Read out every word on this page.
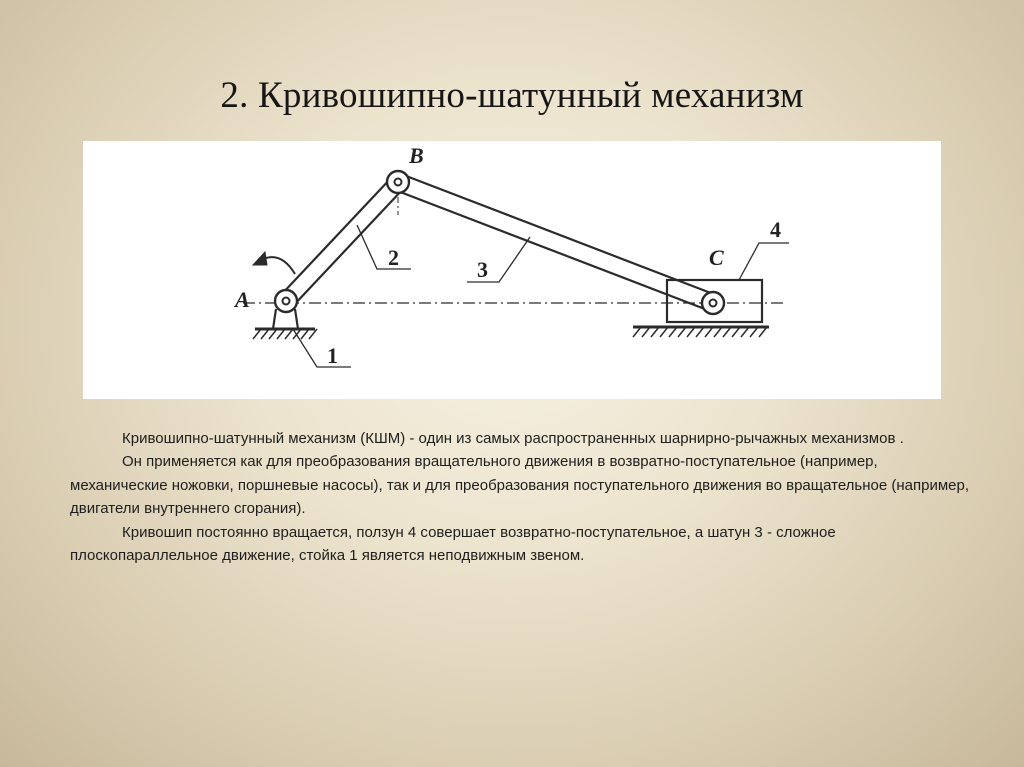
2. Кривошипно-шатунный механизм
A
B
C
1
2	3
4

Кривошипно-шатунный механизм (КШМ) - один из самых распространенных шарнирно-рычажных механизмов .

Он применяется как для преобразования вращательного движения в возвратно-поступательное (например, механические ножовки, поршневые насосы), так и для преобразования поступательного движения во вращательное (например, двигатели внутреннего сгорания).

Кривошип постоянно вращается, ползун 4 совершает возвратно-поступательное, а шатун 3 - сложное плоскопараллельное движение, стойка 1 является неподвижным звеном.
